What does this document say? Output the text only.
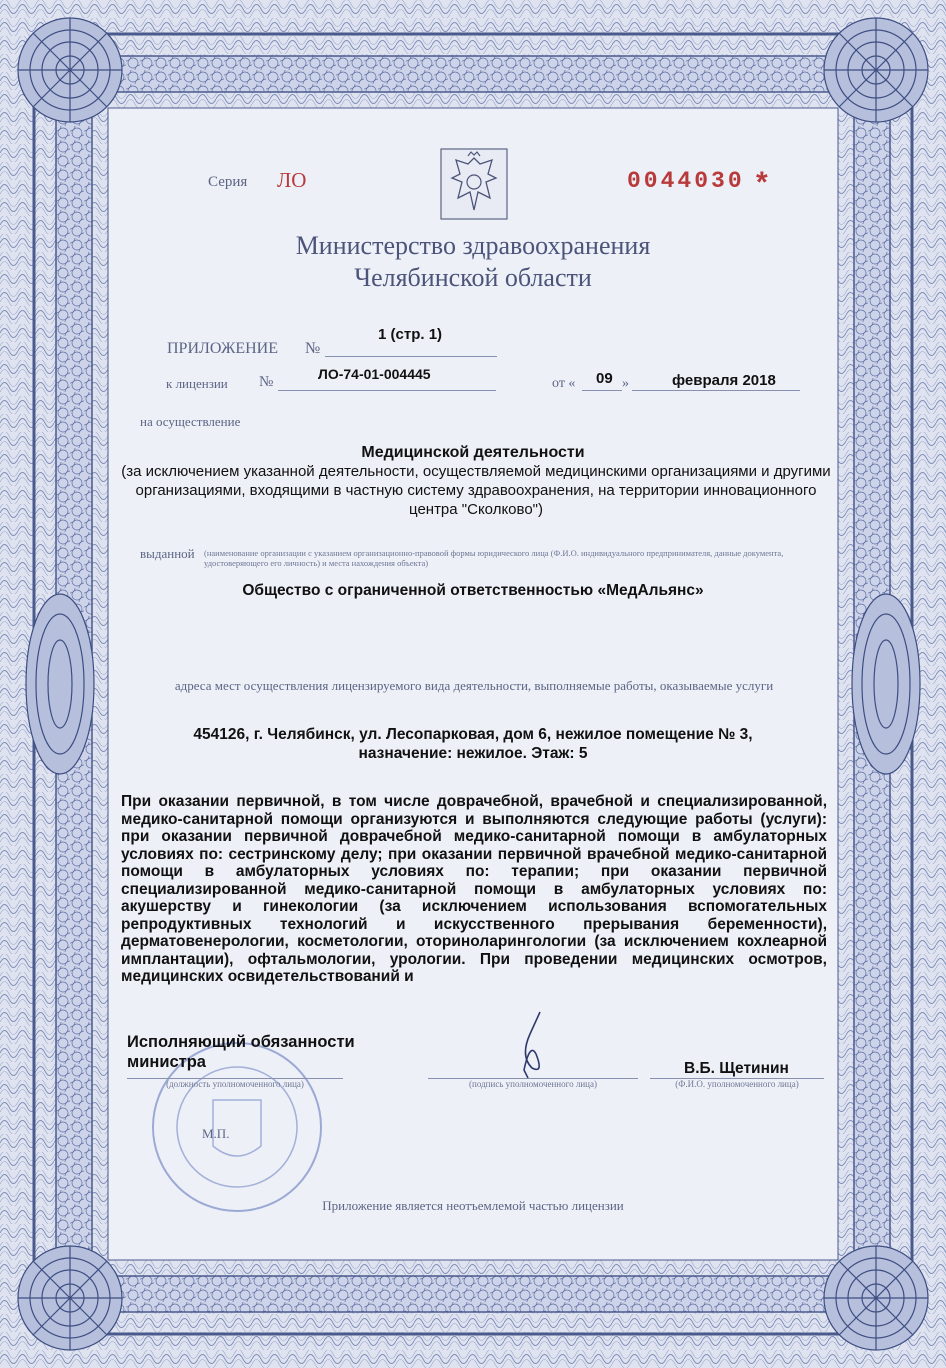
Серия ЛО	0044030 *
Министерство здравоохранения
Челябинской области
ПРИЛОЖЕНИЕ №
1 (стр. 1)
к лицензии №	ЛО-74-01-004445
от « 09 »	февраля 2018
на осуществление
Медицинской деятельности
(за исключением указанной деятельности, осуществляемой медицинскими организациями и другими организациями, входящими в частную систему здравоохранения, на территории инновационного центра "Сколково")
выданной (наименование организации с указанием организационно-правовой формы юридического лица (Ф.И.О. индивидуального предпринимателя, данные документа, удостоверяющего его личность) и места нахождения объекта)
Общество с ограниченной ответственностью «МедАльянс»
адреса мест осуществления лицензируемого вида деятельности, выполняемые работы, оказываемые услуги
454126, г. Челябинск, ул. Лесопарковая, дом 6, нежилое помещение № 3,
назначение: нежилое. Этаж: 5
При оказании первичной, в том числе доврачебной, врачебной и специализированной, медико-санитарной помощи организуются и выполняются следующие работы (услуги): при оказании первичной доврачебной медико-санитарной помощи в амбулаторных условиях по: сестринскому делу; при оказании первичной врачебной медико-санитарной помощи в амбулаторных условиях по: терапии; при оказании первичной специализированной медико-санитарной помощи в амбулаторных условиях по: акушерству и гинекологии (за исключением использования вспомогательных репродуктивных технологий и искусственного прерывания беременности), дерматовенерологии, косметологии, оториноларингологии (за исключением кохлеарной имплантации), офтальмологии, урологии. При проведении медицинских осмотров, медицинских освидетельствований и
Исполняющий обязанности
министра
(должность уполномоченного лица)	(подпись уполномоченного лица)
В.Б. Щетинин
(Ф.И.О. уполномоченного лица)
М.П.
Приложение является неотъемлемой частью лицензии
